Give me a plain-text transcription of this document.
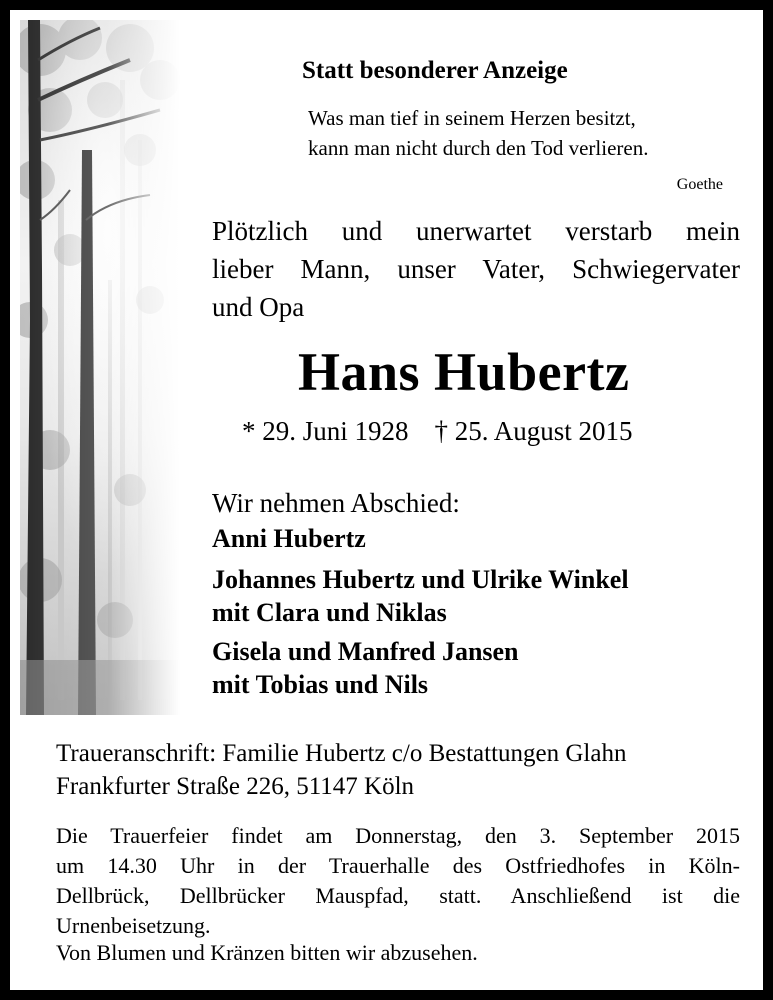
Statt besonderer Anzeige
Was man tief in seinem Herzen besitzt,
kann man nicht durch den Tod verlieren.
Goethe
Plötzlich und unerwartet verstarb mein
lieber Mann, unser Vater, Schwiegervater
und Opa
Hans Hubertz
* 29. Juni 1928 † 25. August 2015
Wir nehmen Abschied:
Anni Hubertz
Johannes Hubertz und Ulrike Winkel
mit Clara und Niklas
Gisela und Manfred Jansen
mit Tobias und Nils
Traueranschrift: Familie Hubertz c/o Bestattungen Glahn
Frankfurter Straße 226, 51147 Köln
Die Trauerfeier findet am Donnerstag, den 3. September 2015
um 14.30 Uhr in der Trauerhalle des Ostfriedhofes in Köln-
Dellbrück, Dellbrücker Mauspfad, statt. Anschließend ist die
Urnenbeisetzung.
Von Blumen und Kränzen bitten wir abzusehen.
